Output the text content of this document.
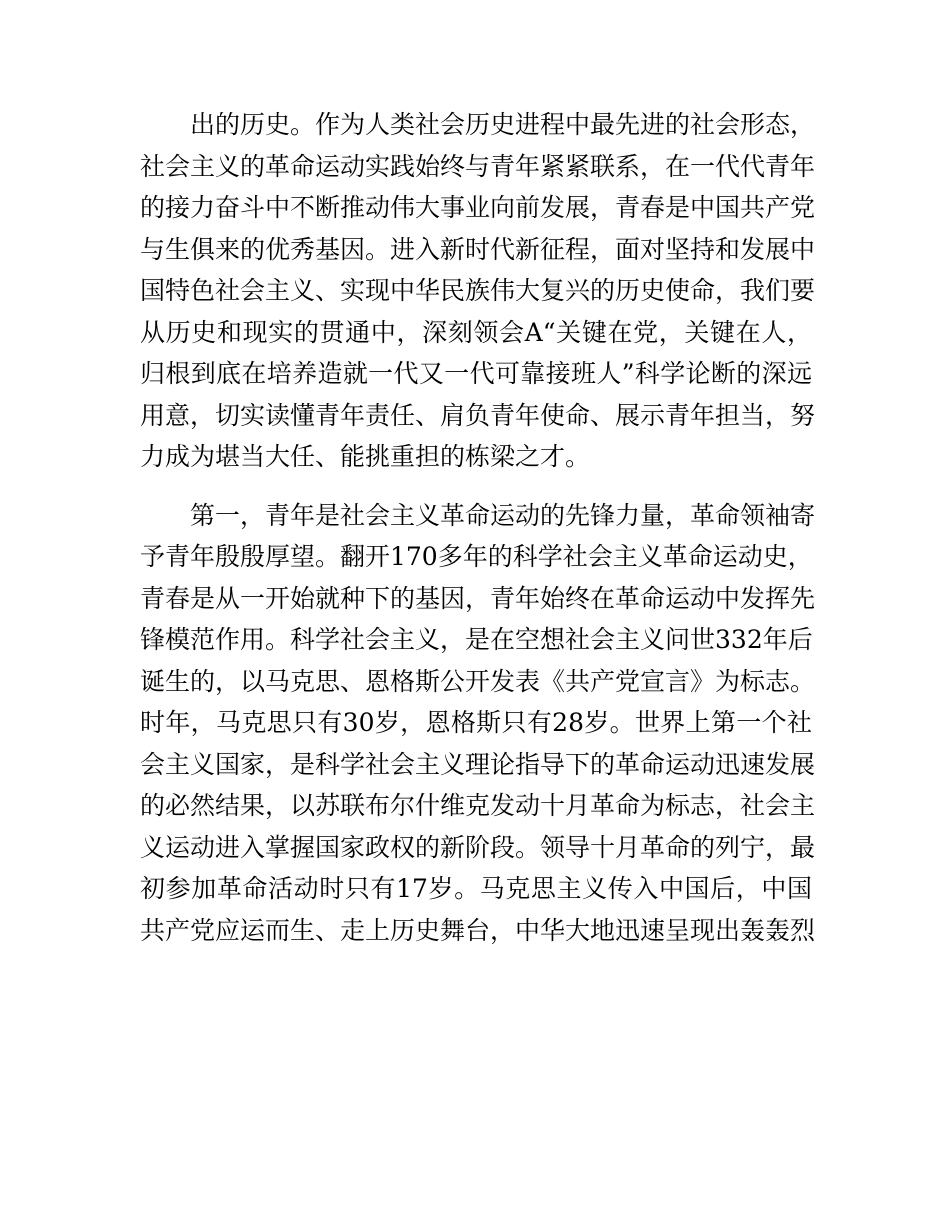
出的历史。作为人类社会历史进程中最先进的社会形态，
社会主义的革命运动实践始终与青年紧紧联系，在一代代青年
的接力奋斗中不断推动伟大事业向前发展，青春是中国共产党
与生俱来的优秀基因。进入新时代新征程，面对坚持和发展中
国特色社会主义、实现中华民族伟大复兴的历史使命，我们要
从历史和现实的贯通中，深刻领会A“关键在党，关键在人，
归根到底在培养造就一代又一代可靠接班人”科学论断的深远
用意，切实读懂青年责任、肩负青年使命、展示青年担当，努
力成为堪当大任、能挑重担的栋梁之才。
第一，青年是社会主义革命运动的先锋力量，革命领袖寄
予青年殷殷厚望。翻开170多年的科学社会主义革命运动史，
青春是从一开始就种下的基因，青年始终在革命运动中发挥先
锋模范作用。科学社会主义，是在空想社会主义问世332年后
诞生的，以马克思、恩格斯公开发表《共产党宣言》为标志。
时年，马克思只有30岁，恩格斯只有28岁。世界上第一个社
会主义国家，是科学社会主义理论指导下的革命运动迅速发展
的必然结果，以苏联布尔什维克发动十月革命为标志，社会主
义运动进入掌握国家政权的新阶段。领导十月革命的列宁，最
初参加革命活动时只有17岁。马克思主义传入中国后，中国
共产党应运而生、走上历史舞台，中华大地迅速呈现出轰轰烈
